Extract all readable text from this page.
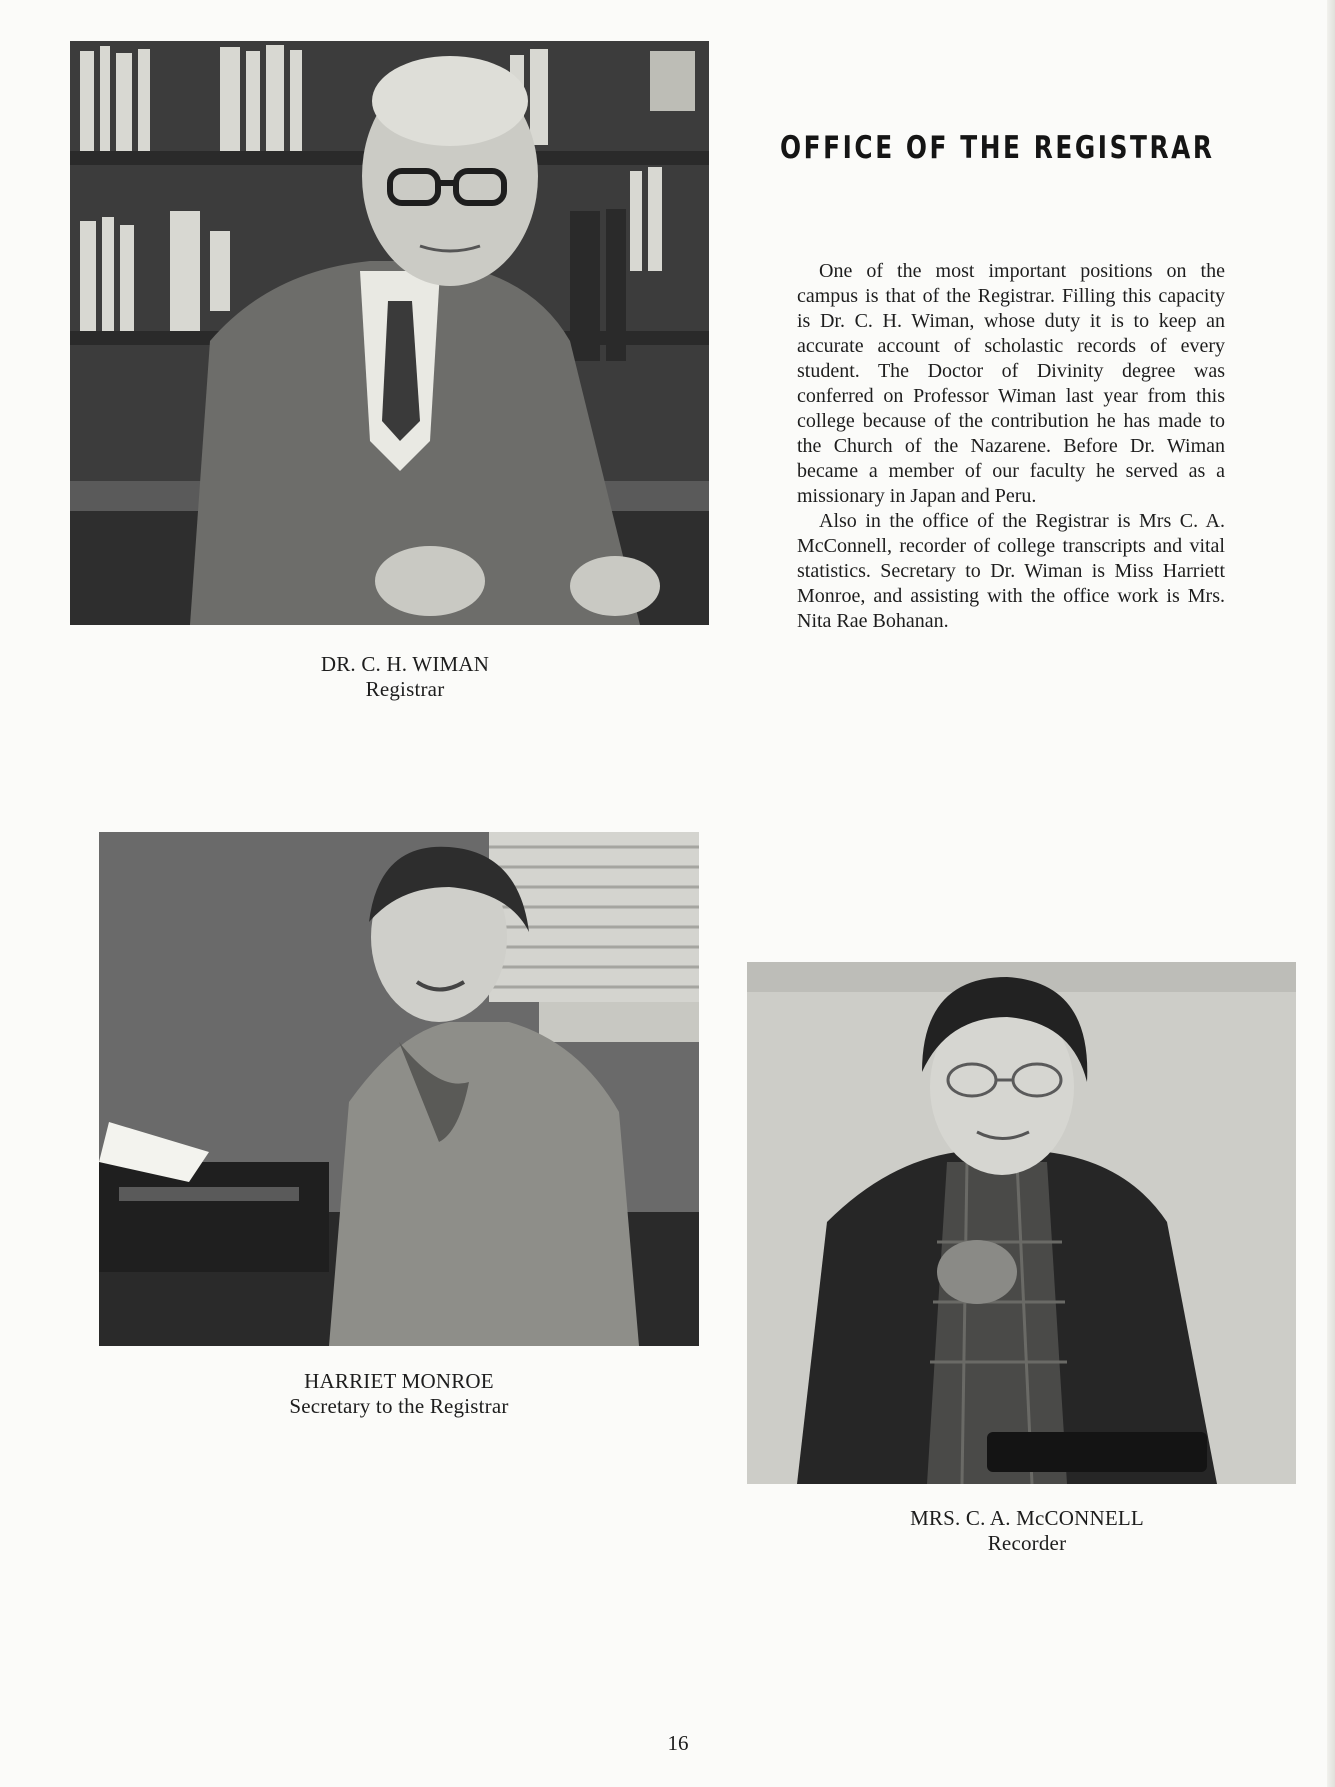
DR. C. H. WIMAN
Registrar
OFFICE OF THE REGISTRAR

One of the most important positions on the campus is that of the Registrar. Filling this capacity is Dr. C. H. Wiman, whose duty it is to keep an accurate account of scholastic records of every student. The Doctor of Divinity degree was conferred on Professor Wiman last year from this college because of the contribution he has made to the Church of the Nazarene. Before Dr. Wiman became a member of our faculty he served as a missionary in Japan and Peru.

Also in the office of the Registrar is Mrs C. A. McConnell, recorder of college transcripts and vital statistics. Secretary to Dr. Wiman is Miss Harriett Monroe, and assisting with the office work is Mrs. Nita Rae Bohanan.

HARRIET MONROE
Secretary to the Registrar
MRS. C. A. McCONNELL
Recorder
16
